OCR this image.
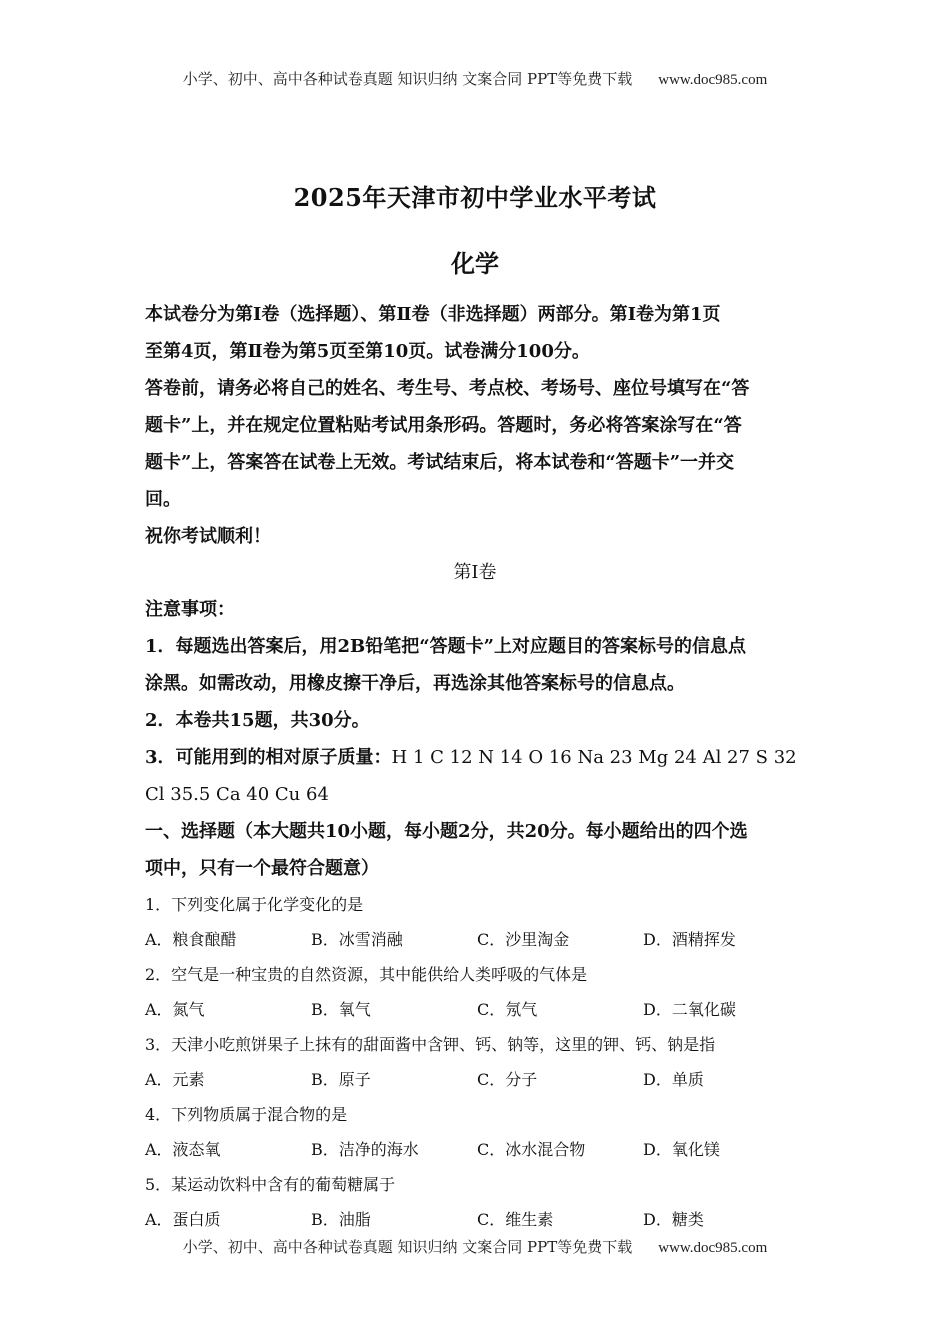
小学、初中、高中各种试卷真题 知识归纳 文案合同 PPT等免费下载 www.doc985.com
2025年天津市初中学业水平考试
化学

本试卷分为第Ⅰ卷（选择题）、第Ⅱ卷（非选择题）两部分。第Ⅰ卷为第1页

至第4页，第Ⅱ卷为第5页至第10页。试卷满分100分。

答卷前，请务必将自己的姓名、考生号、考点校、考场号、座位号填写在“答

题卡”上，并在规定位置粘贴考试用条形码。答题时，务必将答案涂写在“答

题卡”上，答案答在试卷上无效。考试结束后，将本试卷和“答题卡”一并交

回。

祝你考试顺利！

第Ⅰ卷

注意事项：

1．每题选出答案后，用2B铅笔把“答题卡”上对应题目的答案标号的信息点

涂黑。如需改动，用橡皮擦干净后，再选涂其他答案标号的信息点。

2．本卷共15题，共30分。

3．可能用到的相对原子质量：H 1 C 12 N 14 O 16 Na 23 Mg 24 Al 27 S 32

Cl 35.5 Ca 40 Cu 64

一、选择题（本大题共10小题，每小题2分，共20分。每小题给出的四个选

项中，只有一个最符合题意）

1．下列变化属于化学变化的是

A．粮食酿醋	B．冰雪消融	C．沙里淘金	D．酒精挥发

2．空气是一种宝贵的自然资源，其中能供给人类呼吸的气体是

A．氮气	B．氧气	C．氖气	D．二氧化碳

3．天津小吃煎饼果子上抹有的甜面酱中含钾、钙、钠等，这里的钾、钙、钠是指

A．元素	B．原子	C．分子	D．单质

4．下列物质属于混合物的是

A．液态氧	B．洁净的海水	C．冰水混合物	D．氧化镁

5．某运动饮料中含有的葡萄糖属于

A．蛋白质	B．油脂	C．维生素	D．糖类
小学、初中、高中各种试卷真题 知识归纳 文案合同 PPT等免费下载 www.doc985.com
